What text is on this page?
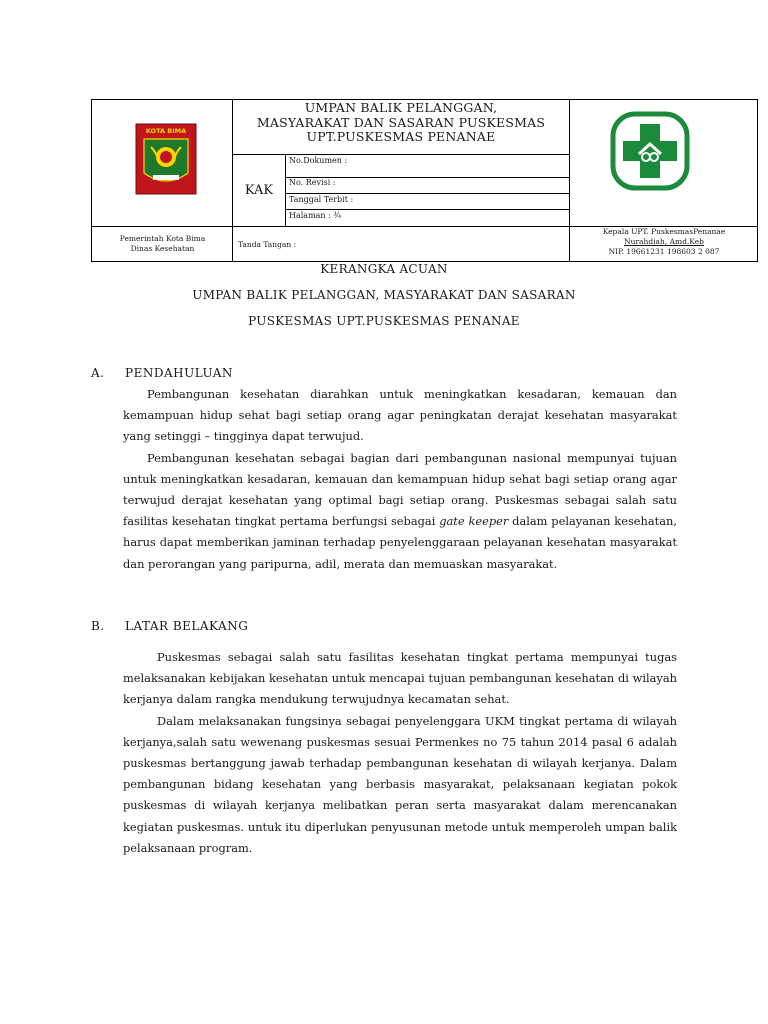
KOTA BIMA
UMPAN BALIK PELANGGAN,
MASYARAKAT DAN SASARAN PUSKESMAS
UPT.PUSKESMAS PENANAE
KAK
No.Dokumen :
No. Revisi :
Tanggal Terbit :
Halaman : ¾
Pemerintah Kota Bima
Dinas Kesehatan	Tanda Tangan :
Kepala UPT. PuskesmasPenanae
Nurahdiah, Amd.Keb
NIP. 19661231 198603 2 087
KERANGKA ACUAN
UMPAN BALIK PELANGGAN, MASYARAKAT DAN SASARAN
PUSKESMAS UPT.PUSKESMAS PENANAE
A. PENDAHULUAN

Pembangunan kesehatan diarahkan untuk meningkatkan kesadaran, kemauan dan kemampuan hidup sehat bagi setiap orang agar peningkatan derajat kesehatan masyarakat yang setinggi – tingginya dapat terwujud.

Pembangunan kesehatan sebagai bagian dari pembangunan nasional mempunyai tujuan untuk meningkatkan kesadaran, kemauan dan kemampuan hidup sehat bagi setiap orang agar terwujud derajat kesehatan yang optimal bagi setiap orang. Puskesmas sebagai salah satu fasilitas kesehatan tingkat pertama berfungsi sebagai gate keeper dalam pelayanan kesehatan, harus dapat memberikan jaminan terhadap penyelenggaraan pelayanan kesehatan masyarakat dan perorangan yang paripurna, adil, merata dan memuaskan masyarakat.

B. LATAR BELAKANG

Puskesmas sebagai salah satu fasilitas kesehatan tingkat pertama mempunyai tugas melaksanakan kebijakan kesehatan untuk mencapai tujuan pembangunan kesehatan di wilayah kerjanya dalam rangka mendukung terwujudnya kecamatan sehat.

Dalam melaksanakan fungsinya sebagai penyelenggara UKM tingkat pertama di wilayah kerjanya,salah satu wewenang puskesmas sesuai Permenkes no 75 tahun 2014 pasal 6 adalah puskesmas bertanggung jawab terhadap pembangunan kesehatan di wilayah kerjanya. Dalam pembangunan bidang kesehatan yang berbasis masyarakat, pelaksanaan kegiatan pokok puskesmas di wilayah kerjanya melibatkan peran serta masyarakat dalam merencanakan kegiatan puskesmas. untuk itu diperlukan penyusunan metode untuk memperoleh umpan balik pelaksanaan program.
